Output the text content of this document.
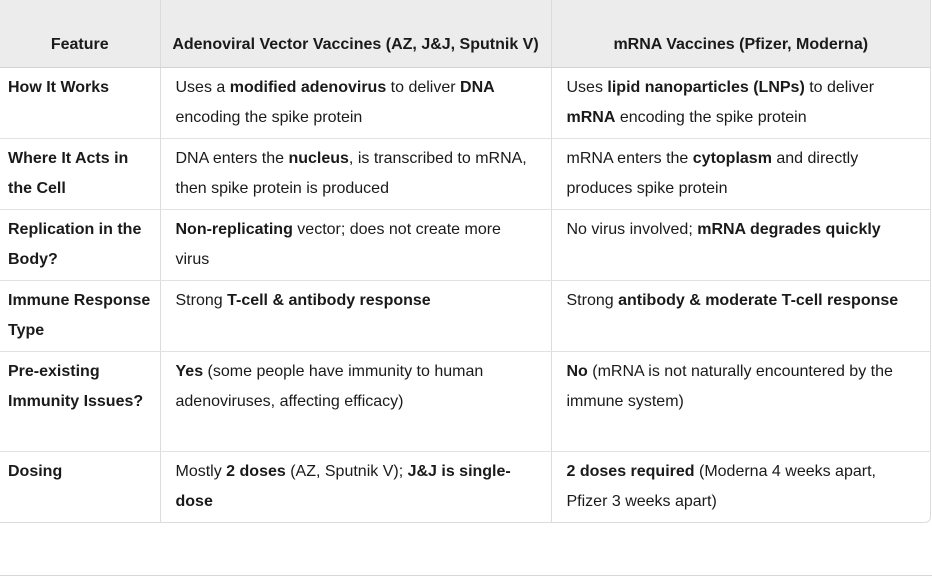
Feature	Adenoviral Vector Vaccines (AZ, J&J, Sputnik V)	mRNA Vaccines (Pfizer, Moderna)
How It Works	Uses a modified adenovirus to deliver DNA encoding the spike protein	Uses lipid nanoparticles (LNPs) to deliver mRNA encoding the spike protein
Where It Acts in the Cell	DNA enters the nucleus, is transcribed to mRNA, then spike protein is produced	mRNA enters the cytoplasm and directly produces spike protein
Replication in the Body?	Non-replicating vector; does not create more virus	No virus involved; mRNA degrades quickly
Immune Response Type	Strong T-cell & antibody response	Strong antibody & moderate T-cell response
Pre-existing Immunity Issues?	Yes (some people have immunity to human adenoviruses, affecting efficacy)	No (mRNA is not naturally encountered by the immune system)
Dosing	Mostly 2 doses (AZ, Sputnik V); J&J is single-dose	2 doses required (Moderna 4 weeks apart, Pfizer 3 weeks apart)
